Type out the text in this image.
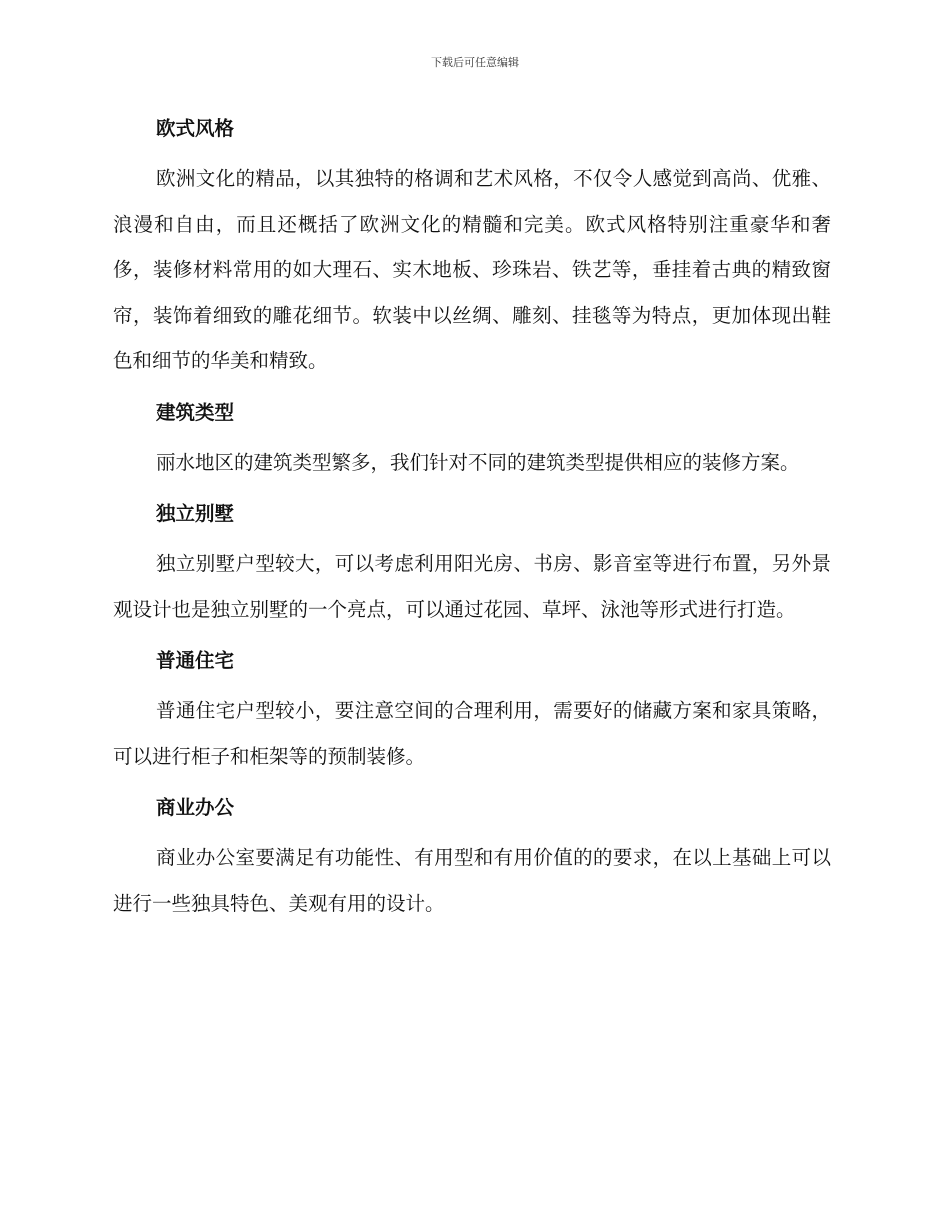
下载后可任意编辑
欧式风格
欧洲文化的精品，以其独特的格调和艺术风格，不仅令人感觉到高尚、优雅、浪漫和自由，而且还概括了欧洲文化的精髓和完美。欧式风格特别注重豪华和奢侈，装修材料常用的如大理石、实木地板、珍珠岩、铁艺等，垂挂着古典的精致窗帘，装饰着细致的雕花细节。软装中以丝绸、雕刻、挂毯等为特点，更加体现出鞋色和细节的华美和精致。
建筑类型
丽水地区的建筑类型繁多，我们针对不同的建筑类型提供相应的装修方案。
独立别墅
独立别墅户型较大，可以考虑利用阳光房、书房、影音室等进行布置，另外景观设计也是独立别墅的一个亮点，可以通过花园、草坪、泳池等形式进行打造。
普通住宅
普通住宅户型较小，要注意空间的合理利用，需要好的储藏方案和家具策略，可以进行柜子和柜架等的预制装修。
商业办公
商业办公室要满足有功能性、有用型和有用价值的的要求，在以上基础上可以进行一些独具特色、美观有用的设计。
